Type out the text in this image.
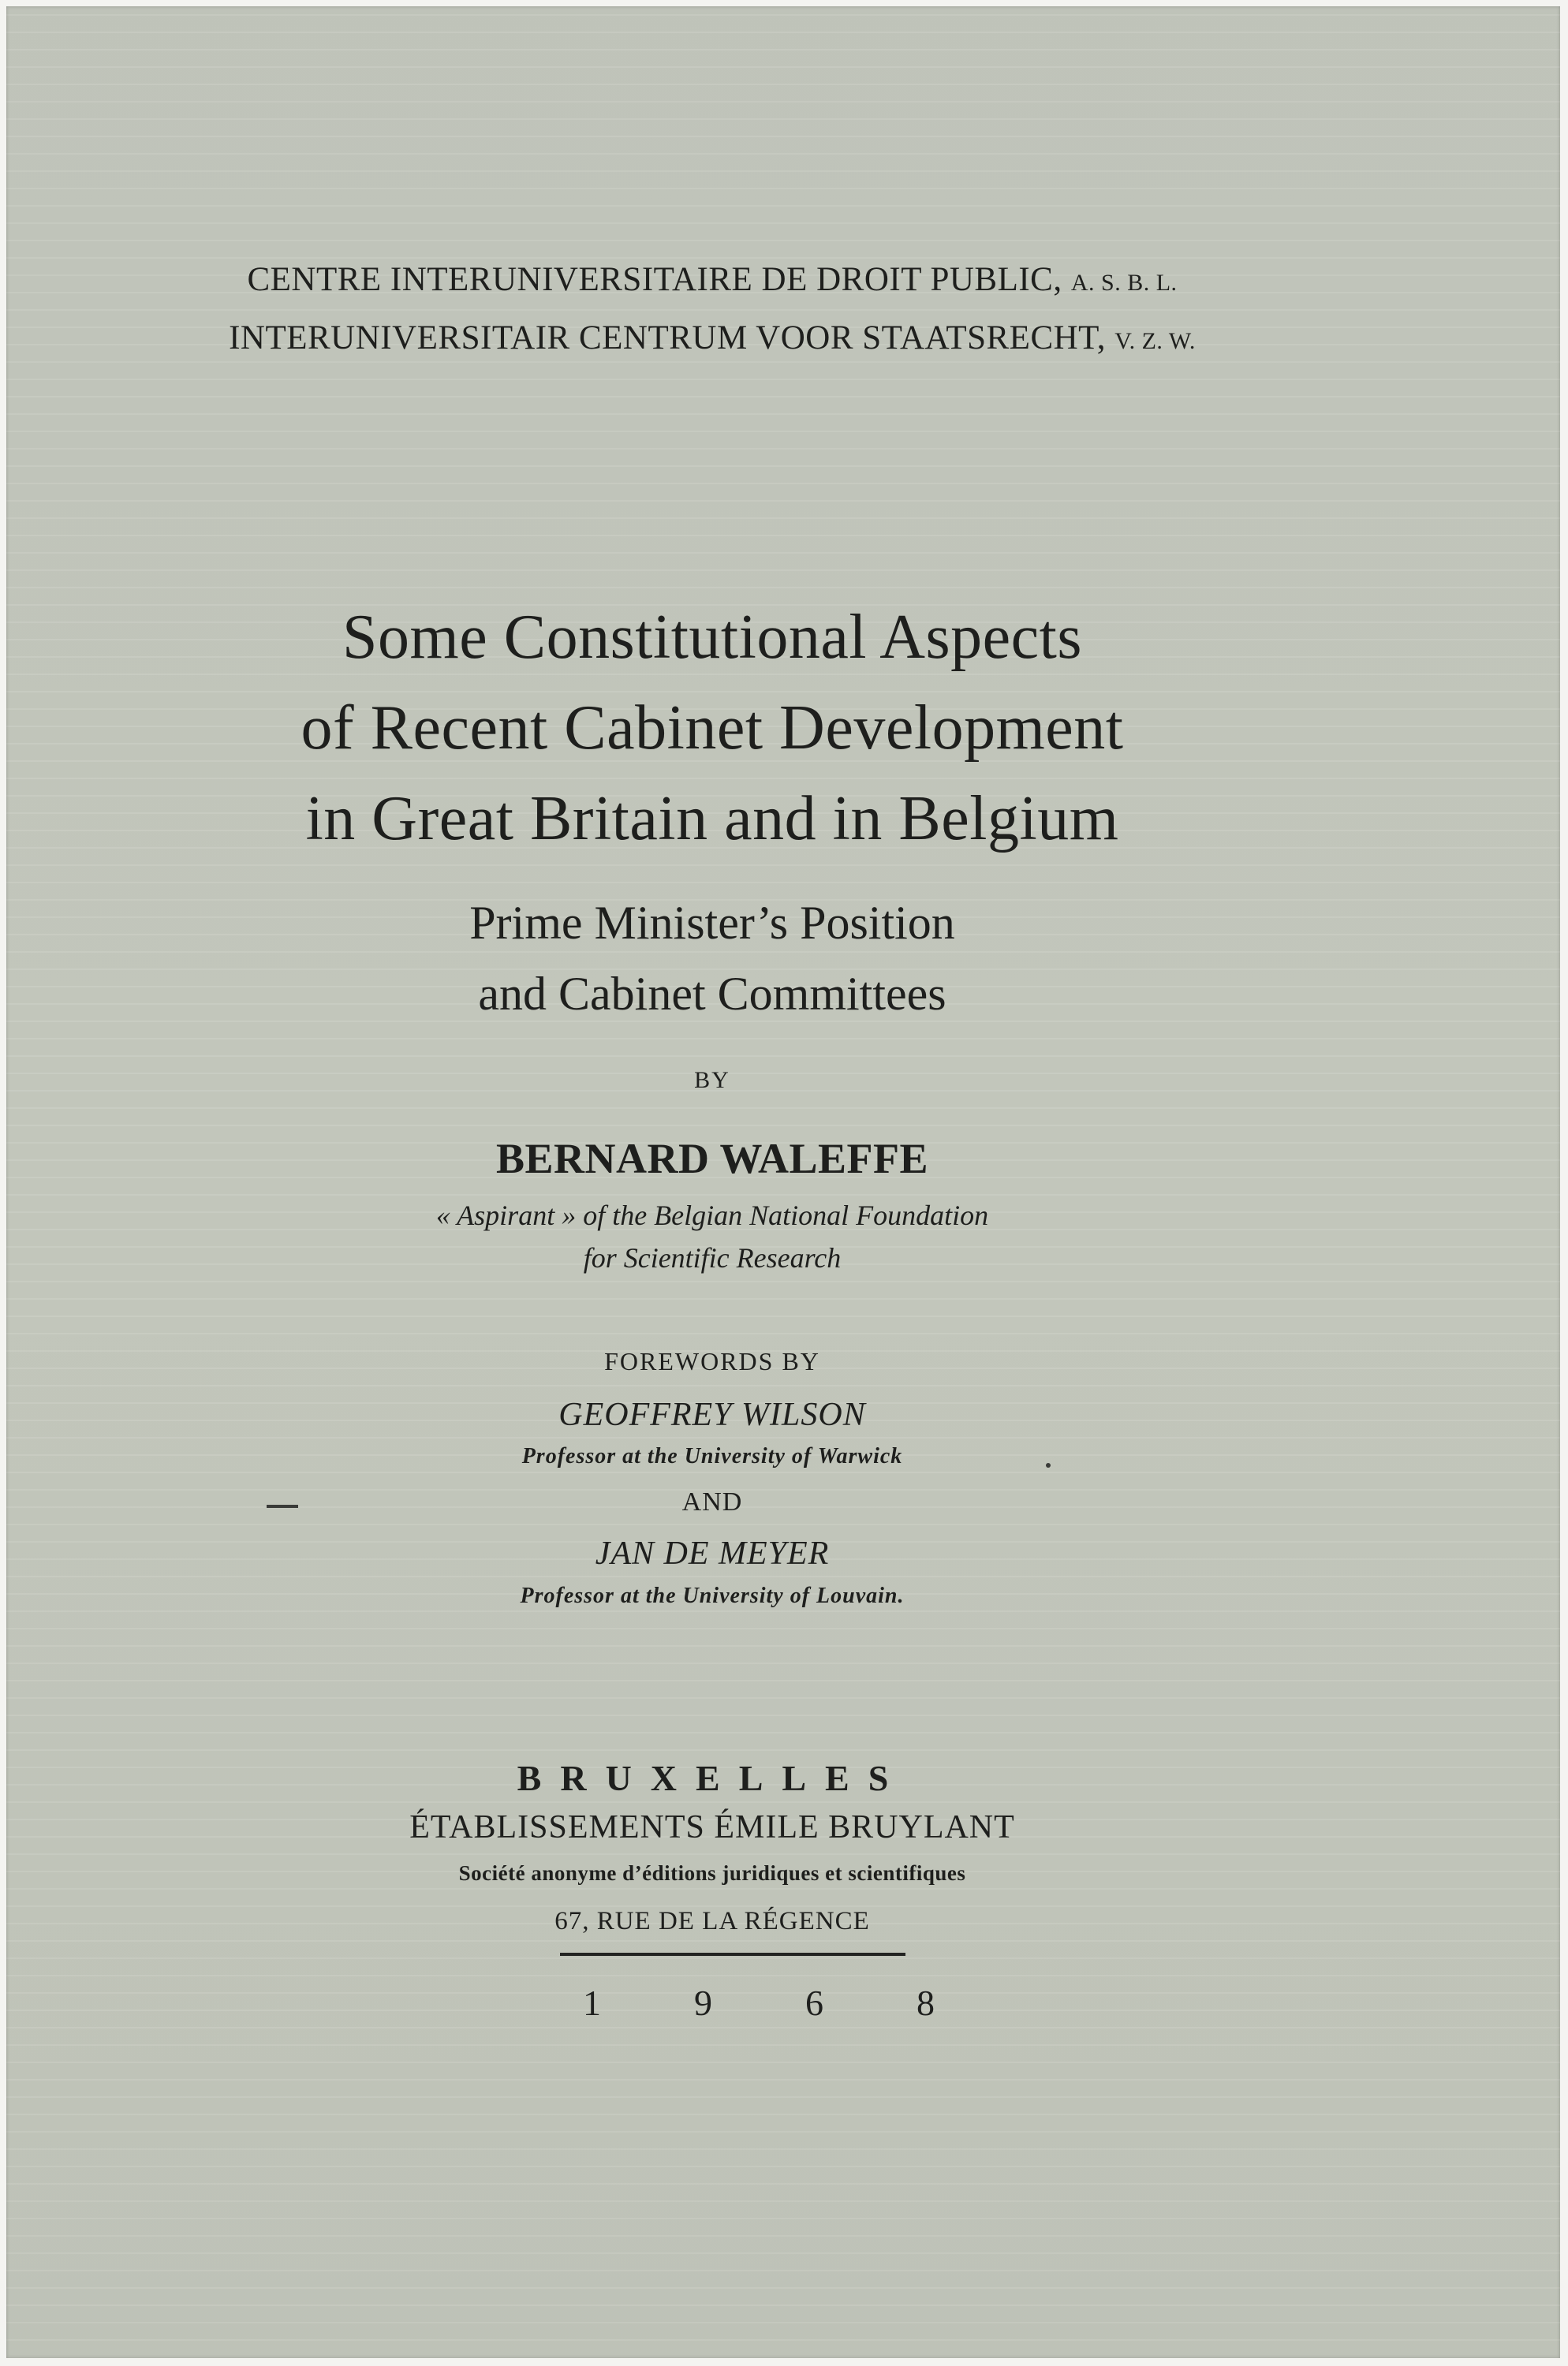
CENTRE INTERUNIVERSITAIRE DE DROIT PUBLIC, A. S. B. L.
INTERUNIVERSITAIR CENTRUM VOOR STAATSRECHT, V. Z. W.
Some Constitutional Aspects
of Recent Cabinet Development
in Great Britain and in Belgium
Prime Minister’s Position
and Cabinet Committees
BY
BERNARD WALEFFE
« Aspirant » of the Belgian National Foundation
for Scientific Research
FOREWORDS BY
GEOFFREY WILSON
Professor at the University of Warwick
AND
JAN DE MEYER
Professor at the University of Louvain.
BRUXELLES
ÉTABLISSEMENTS ÉMILE BRUYLANT
Société anonyme d’éditions juridiques et scientifiques
67, RUE DE LA RÉGENCE
1968
